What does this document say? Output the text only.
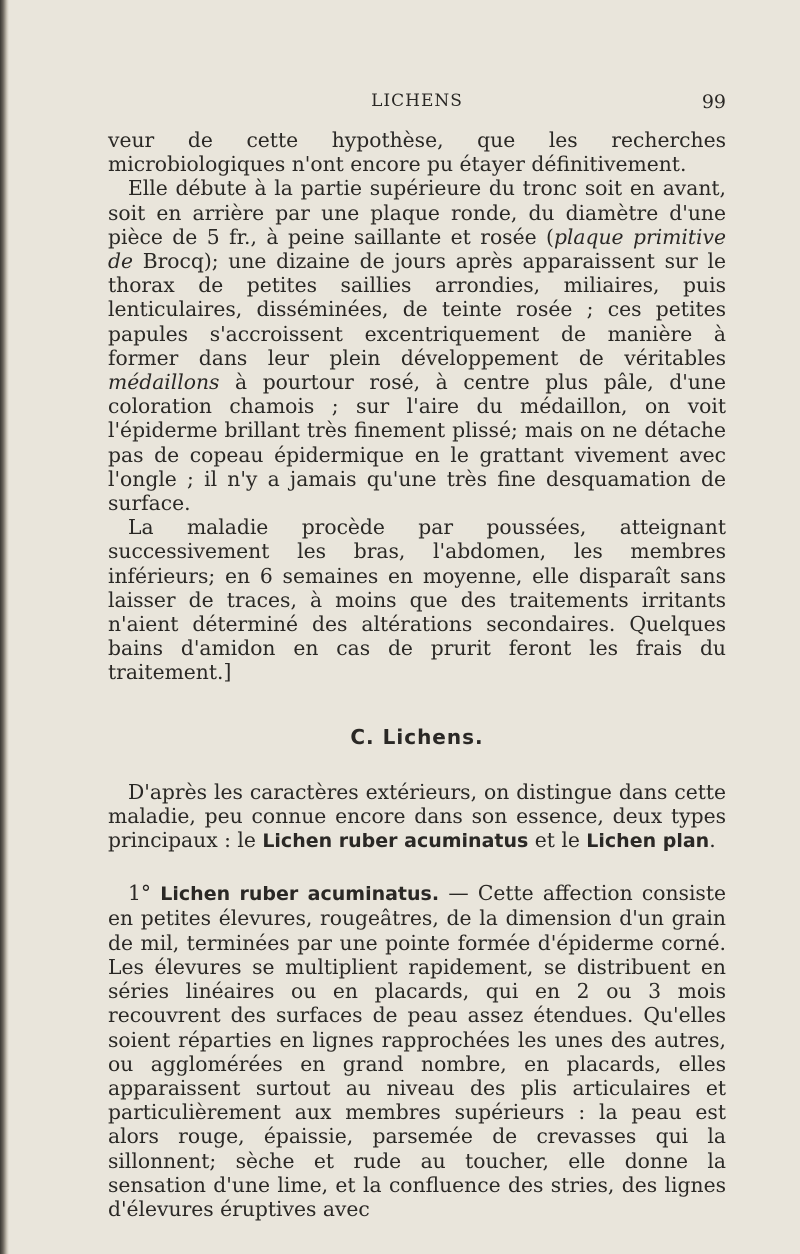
LICHENS	99

veur de cette hypothèse, que les recherches microbiologiques n'ont encore pu étayer définitivement.

Elle débute à la partie supérieure du tronc soit en avant, soit en arrière par une plaque ronde, du diamètre d'une pièce de 5 fr., à peine saillante et rosée (plaque primitive de Brocq); une dizaine de jours après apparaissent sur le thorax de petites saillies arrondies, miliaires, puis lenticulaires, disséminées, de teinte rosée ; ces petites papules s'accroissent excentriquement de manière à former dans leur plein développement de véritables médaillons à pourtour rosé, à centre plus pâle, d'une coloration chamois ; sur l'aire du médaillon, on voit l'épiderme brillant très finement plissé; mais on ne détache pas de copeau épidermique en le grattant vivement avec l'ongle ; il n'y a jamais qu'une très fine desquamation de surface.

La maladie procède par poussées, atteignant successivement les bras, l'abdomen, les membres inférieurs; en 6 semaines en moyenne, elle disparaît sans laisser de traces, à moins que des traitements irritants n'aient déterminé des altérations secondaires. Quelques bains d'amidon en cas de prurit feront les frais du traitement.]

C. Lichens.

D'après les caractères extérieurs, on distingue dans cette maladie, peu connue encore dans son essence, deux types principaux : le Lichen ruber acuminatus et le Lichen plan.

1° Lichen ruber acuminatus. — Cette affection consiste en petites élevures, rougeâtres, de la dimension d'un grain de mil, terminées par une pointe formée d'épiderme corné. Les élevures se multiplient rapidement, se distribuent en séries linéaires ou en placards, qui en 2 ou 3 mois recouvrent des surfaces de peau assez étendues. Qu'elles soient réparties en lignes rapprochées les unes des autres, ou agglomérées en grand nombre, en placards, elles apparaissent surtout au niveau des plis articulaires et particulièrement aux membres supérieurs : la peau est alors rouge, épaissie, parsemée de crevasses qui la sillonnent; sèche et rude au toucher, elle donne la sensation d'une lime, et la confluence des stries, des lignes d'élevures éruptives avec
